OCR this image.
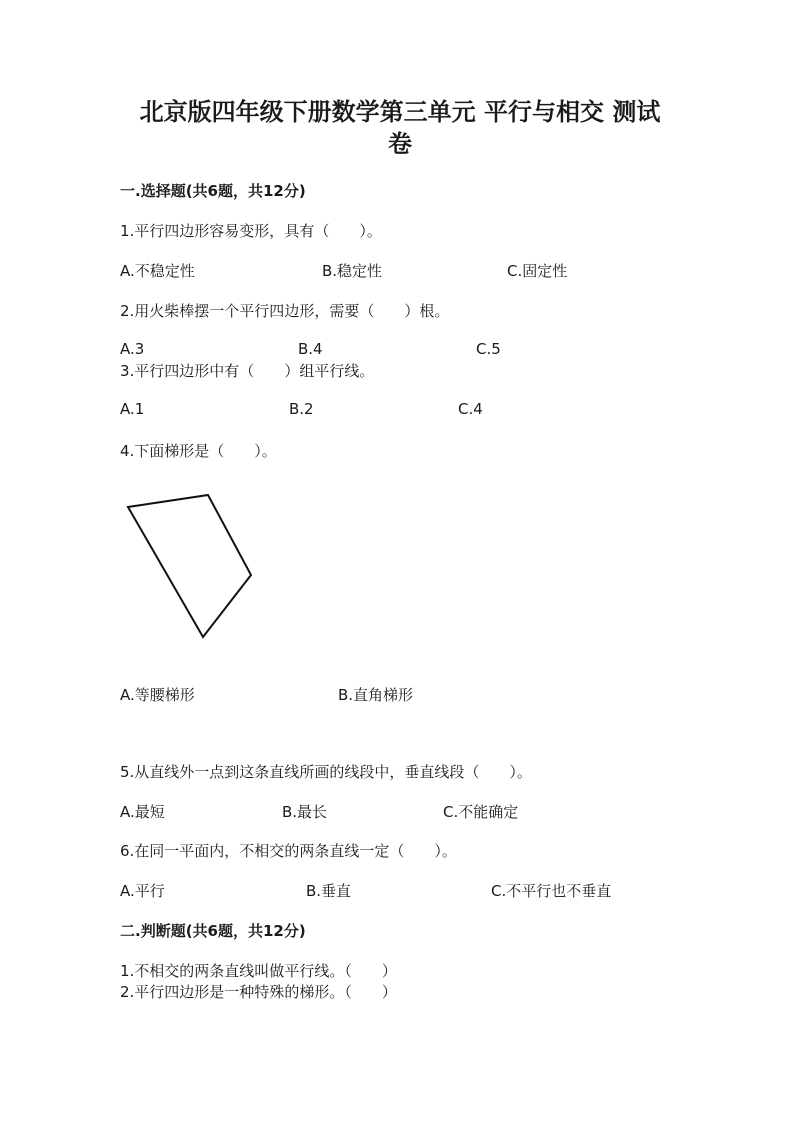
北京版四年级下册数学第三单元 平行与相交 测试
卷
一.选择题(共6题，共12分)
1.平行四边形容易变形，具有（　　）。
A.不稳定性	B.稳定性	C.固定性
2.用火柴棒摆一个平行四边形，需要（　　）根。
A.3	B.4	C.5
3.平行四边形中有（　　）组平行线。
A.1	B.2	C.4
4.下面梯形是（　　）。
A.等腰梯形	B.直角梯形
5.从直线外一点到这条直线所画的线段中，垂直线段（　　）。
A.最短	B.最长	C.不能确定
6.在同一平面内，不相交的两条直线一定（　　）。
A.平行	B.垂直	C.不平行也不垂直
二.判断题(共6题，共12分)
1.不相交的两条直线叫做平行线。（　　）
2.平行四边形是一种特殊的梯形。（　　）
